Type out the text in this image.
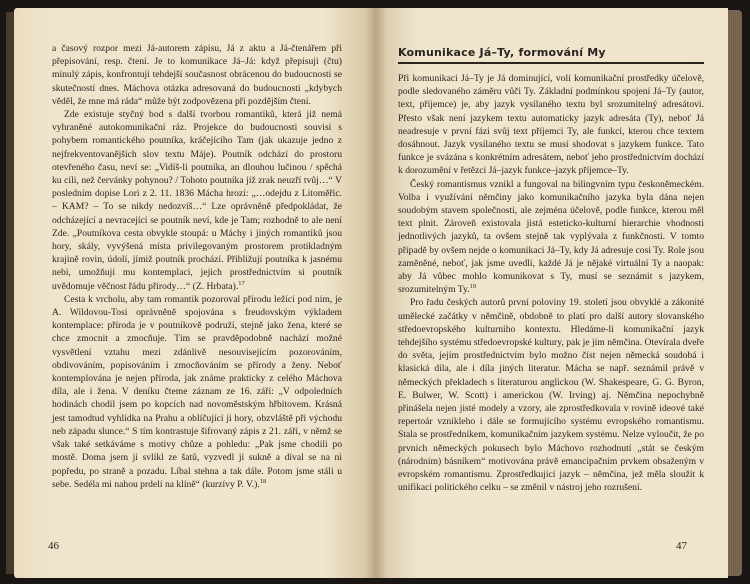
a časový rozpor mezi Já-autorem zápisu, Já z aktu a Já-čtenářem při přepisování, resp. čtení. Je to komunikace Já–Já: když přepisuji (čtu) minulý zápis, konfrontuji tehdejší současnost obrácenou do budoucnosti se skutečností dnes. Máchova otázka adresovaná do budoucnosti „kdybych věděl, že mne má ráda“ může být zodpovězena při pozdějším čtení.

Zde existuje styčný bod s další tvorbou romantiků, která již nemá vyhraněné autokomunikační ráz. Projekce do budoucnosti souvisí s pohybem romantického poutníka, kráčejícího Tam (jak ukazuje jedno z nejfrekventovanějších slov textu Máje). Poutník odchází do prostoru otevřeného času, neví se: „Vidíš-li poutníka, an dlouhou lučinou / spěchá ku cíli, než červánky pohynou? / Tohoto poutníka již zrak neuzří tvůj…“ V posledním dopise Lori z 2. 11. 1836 Mácha hrozí: „…odejdu z Litoměřic. – KAM? – To se nikdy nedozvíš…“ Lze oprávněně předpokládat, že odcházející a nevracející se poutník neví, kde je Tam; rozhodně to ale není Zde. „Poutníkova cesta obvykle stoupá: u Máchy i jiných romantiků jsou hory, skály, vyvýšená místa privilegovaným prostorem protikladným krajině rovin, údolí, jímiž poutník prochází. Přibližují poutníka k jasnému nebi, umožňují mu kontemplaci, jejich prostřednictvím si poutník uvědomuje věčnost řádu přírody…“ (Z. Hrbata).$^{17}$

Cesta k vrcholu, aby tam romantik pozoroval přírodu ležící pod ním, je A. Wildovou-Tosi oprávněně spojována s freudovským výkladem kontemplace: příroda je v poutníkově podruží, stejně jako žena, které se chce zmocnit a zmocňuje. Tím se pravděpodobně nachází možné vysvětlení vztahu mezi zdánlivě nesouvisejícím pozorováním, obdivováním, popisováním i zmocňováním se přírody a ženy. Neboť kontemplována je nejen příroda, jak známe prakticky z celého Máchova díla, ale i žena. V deníku čteme záznam ze 16. září: „V odpoledních hodinách chodil jsem po kopcích nad novoměstským hřbitovem. Krásná jest tamodtud vyhlídka na Prahu a oblíčující ji hory, obzvláště při východu neb západu slunce.“ S tím kontrastuje šifrovaný zápis z 21. září, v němž se však také setkáváme s motivy chůze a pohledu: „Pak jsme chodili po mostě. Doma jsem ji svlíkl ze šatů, vyzvedl jí sukně a díval se na ni popředu, po straně a pozadu. Líbal stehna a tak dále. Potom jsme stáli u sebe. Sedéla mi nahou prdelí na klíně“ (kurzívy P. V.).$^{18}$

46
Komunikace Já–Ty, formování My

Při komunikaci Já–Ty je Já dominující, volí komunikační prostředky účelově, podle sledovaného záměru vůči Ty. Základní podmínkou spojení Já–Ty (autor, text, příjemce) je, aby jazyk vysílaného textu byl srozumitelný adresátovi. Přesto však není jazykem textu automaticky jazyk adresáta (Ty), neboť Já neadresuje v první fázi svůj text příjemci Ty, ale funkci, kterou chce textem dosáhnout. Jazyk vysílaného textu se musí shodovat s jazykem funkce. Tato funkce je svázána s konkrétním adresátem, neboť jeho prostřednictvím dochází k dorozumění v řetězci Já–jazyk funkce–jazyk příjemce–Ty.

Český romantismus vznikl a fungoval na bilingvním typu českoněmeckém. Volba i využívání němčiny jako komunikačního jazyka byla dána nejen soudobým stavem společnosti, ale zejména účelově, podle funkce, kterou měl text plnit. Zároveň existovala jistá esteticko-kulturní hierarchie vhodnosti jednotlivých jazyků, ta ovšem stejně tak vyplývala z funkčnosti. V tomto případě by ovšem nejde o komunikaci Já–Ty, kdy Já adresuje cosi Ty. Role jsou zaměněné, neboť, jak jsme uvedli, každé Já je nějaké virtuální Ty a naopak: aby Já vůbec mohlo komunikovat s Ty, musí se seznámit s jazykem, srozumitelným Ty.$^{19}$

Pro řadu českých autorů první poloviny 19. století jsou obvyklé a zákonité umělecké začátky v němčině, obdobně to platí pro další autory slovanského středoevropského kulturního kontextu. Hledáme-li komunikační jazyk tehdejšího systému středoevropské kultury, pak je jím němčina. Otevírala dveře do světa, jejím prostřednictvím bylo možno číst nejen německá soudobá i klasická díla, ale i díla jiných literatur. Mácha se např. seznámil právě v německých překladech s literaturou anglickou (W. Shakespeare, G. G. Byron, E. Bulwer, W. Scott) i americkou (W. Irving) aj. Němčina nepochybně přinášela nejen jisté modely a vzory, ale zprostředkovala v rovině ideové také repertoár vznikleho i dále se formujícího systému evropského romantismu. Stala se prostředníkem, komunikačním jazykem systému. Nelze vyloučit, že po prvních německých pokusech bylo Máchovo rozhodnutí „stát se českým (národním) básníkem“ motivována právě emancipačním prvkem obsaženým v evropském romantismu. Zprostředkující jazyk – němčina, jež měla sloužit k unifikaci politického celku – se změnil v nástroj jeho rozrušení.

47
